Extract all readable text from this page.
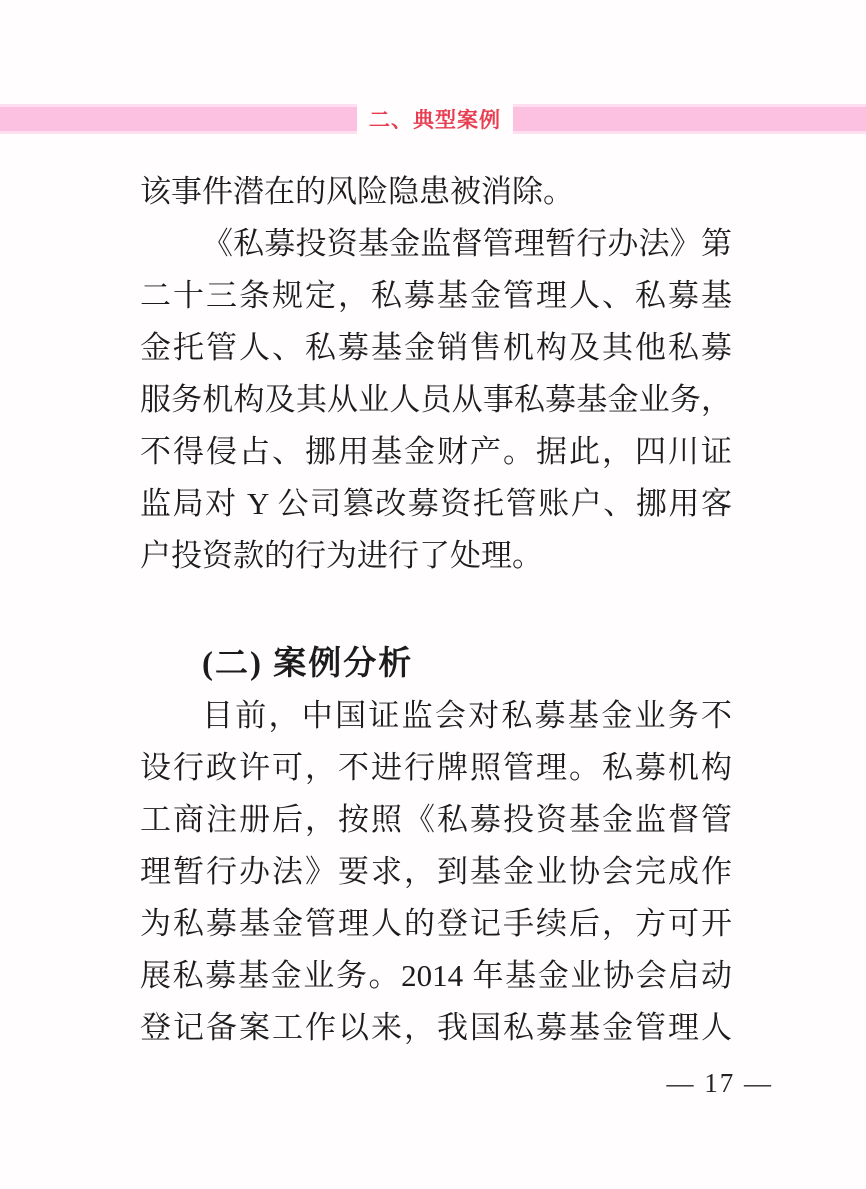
二、典型案例
该事件潜在的风险隐患被消除。
《私募投资基金监督管理暂行办法》第
二十三条规定，私募基金管理人、私募基
金托管人、私募基金销售机构及其他私募
服务机构及其从业人员从事私募基金业务，
不得侵占、挪用基金财产。据此，四川证
监局对 Y 公司篡改募资托管账户、挪用客
户投资款的行为进行了处理。
(二) 案例分析
目前，中国证监会对私募基金业务不
设行政许可，不进行牌照管理。私募机构
工商注册后，按照《私募投资基金监督管
理暂行办法》要求，到基金业协会完成作
为私募基金管理人的登记手续后，方可开
展私募基金业务。2014 年基金业协会启动
登记备案工作以来，我国私募基金管理人
— 17 —
